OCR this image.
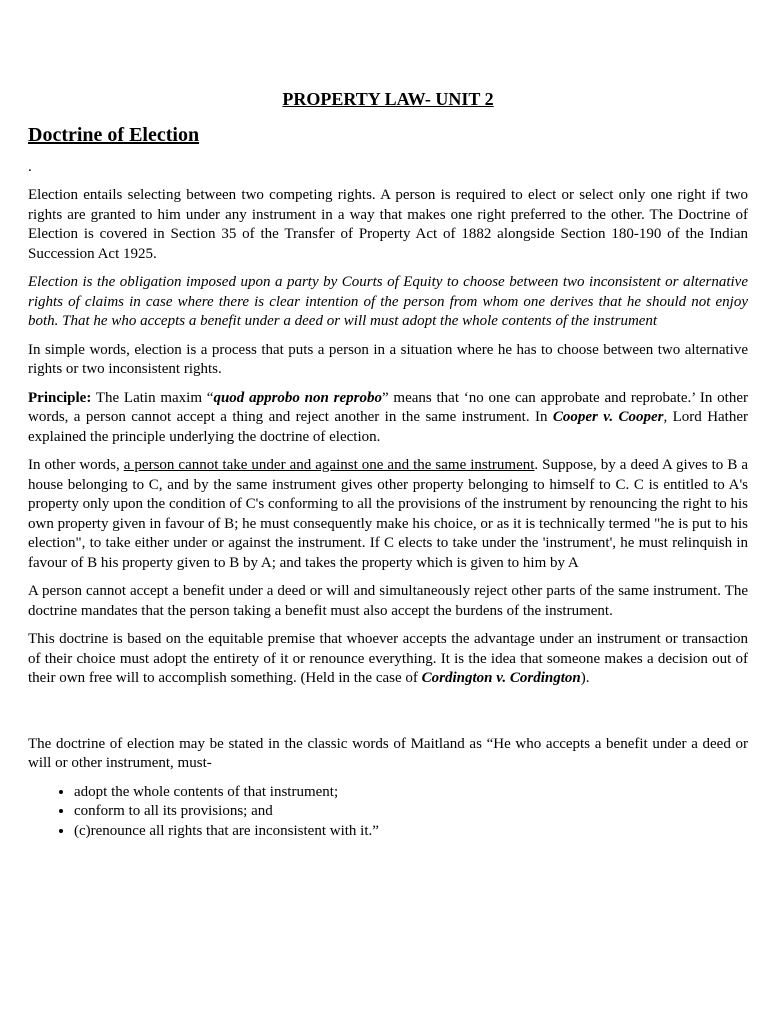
PROPERTY LAW- UNIT 2
Doctrine of Election
.

Election entails selecting between two competing rights. A person is required to elect or select only one right if two rights are granted to him under any instrument in a way that makes one right preferred to the other. The Doctrine of Election is covered in Section 35 of the Transfer of Property Act of 1882 alongside Section 180-190 of the Indian Succession Act 1925.

Election is the obligation imposed upon a party by Courts of Equity to choose between two inconsistent or alternative rights of claims in case where there is clear intention of the person from whom one derives that he should not enjoy both. That he who accepts a benefit under a deed or will must adopt the whole contents of the instrument

In simple words, election is a process that puts a person in a situation where he has to choose between two alternative rights or two inconsistent rights.

Principle: The Latin maxim “quod approbo non reprobo” means that ‘no one can approbate and reprobate.’ In other words, a person cannot accept a thing and reject another in the same instrument. In Cooper v. Cooper, Lord Hather explained the principle underlying the doctrine of election.

In other words, a person cannot take under and against one and the same instrument. Suppose, by a deed A gives to B a house belonging to C, and by the same instrument gives other property belonging to himself to C. C is entitled to A's property only upon the condition of C's conforming to all the provisions of the instrument by renouncing the right to his own property given in favour of B; he must consequently make his choice, or as it is technically termed "he is put to his election", to take either under or against the instrument. If C elects to take under the 'instrument', he must relinquish in favour of B his property given to B by A; and takes the property which is given to him by A

A person cannot accept a benefit under a deed or will and simultaneously reject other parts of the same instrument. The doctrine mandates that the person taking a benefit must also accept the burdens of the instrument.

This doctrine is based on the equitable premise that whoever accepts the advantage under an instrument or transaction of their choice must adopt the entirety of it or renounce everything. It is the idea that someone makes a decision out of their own free will to accomplish something. (Held in the case of Cordington v. Cordington).

The doctrine of election may be stated in the classic words of Maitland as “He who accepts a benefit under a deed or will or other instrument, must-

• adopt the whole contents of that instrument;
• conform to all its provisions; and
• (c)renounce all rights that are inconsistent with it.”
